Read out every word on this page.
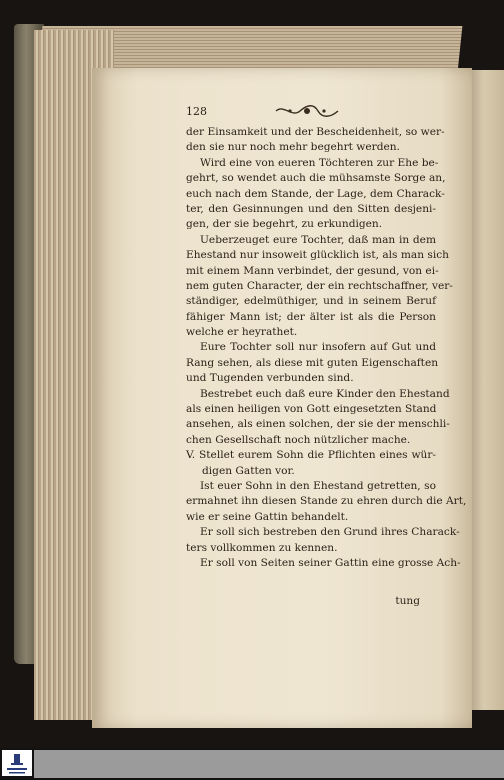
128
der Einsamkeit und der Bescheidenheit, so wer-
den sie nur noch mehr begehrt werden.
Wird eine von eueren Töchteren zur Ehe be-
gehrt, so wendet auch die mühsamste Sorge an,
euch nach dem Stande, der Lage, dem Charack-
ter, den Gesinnungen und den Sitten desjeni-
gen, der sie begehrt, zu erkundigen.
Ueberzeuget eure Tochter, daß man in dem
Ehestand nur insoweit glücklich ist, als man sich
mit einem Mann verbindet, der gesund, von ei-
nem guten Character, der ein rechtschaffner, ver-
ständiger, edelmüthiger, und in seinem Beruf
fähiger Mann ist; der älter ist als die Person
welche er heyrathet.
Eure Tochter soll nur insofern auf Gut und
Rang sehen, als diese mit guten Eigenschaften
und Tugenden verbunden sind.
Bestrebet euch daß eure Kinder den Ehestand
als einen heiligen von Gott eingesetzten Stand
ansehen, als einen solchen, der sie der menschli-
chen Gesellschaft noch nützlicher mache.
V. Stellet eurem Sohn die Pflichten eines wür-
digen Gatten vor.
Ist euer Sohn in den Ehestand getretten, so
ermahnet ihn diesen Stande zu ehren durch die Art,
wie er seine Gattin behandelt.
Er soll sich bestreben den Grund ihres Charack-
ters vollkommen zu kennen.
Er soll von Seiten seiner Gattin eine grosse Ach-
tung
